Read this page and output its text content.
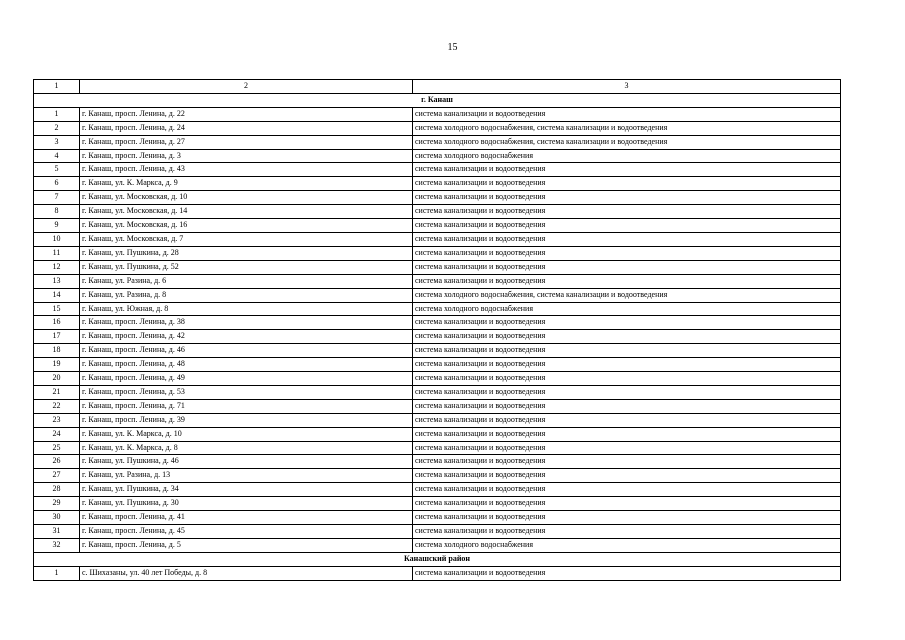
15
1	2	3
г. Канаш		
1	г. Канаш, просп. Ленина, д. 22	система канализации и водоотведения
2	г. Канаш, просп. Ленина, д. 24	система холодного водоснабжения, система канализации и водоотведения
3	г. Канаш, просп. Ленина, д. 27	система холодного водоснабжения, система канализации и водоотведения
4	г. Канаш, просп. Ленина, д. 3	система холодного водоснабжения
5	г. Канаш, просп. Ленина, д. 43	система канализации и водоотведения
6	г. Канаш, ул. К. Маркса, д. 9	система канализации и водоотведения
7	г. Канаш, ул. Московская, д. 10	система канализации и водоотведения
8	г. Канаш, ул. Московская, д. 14	система канализации и водоотведения
9	г. Канаш, ул. Московская, д. 16	система канализации и водоотведения
10	г. Канаш, ул. Московская, д. 7	система канализации и водоотведения
11	г. Канаш, ул. Пушкина, д. 28	система канализации и водоотведения
12	г. Канаш, ул. Пушкина, д. 52	система канализации и водоотведения
13	г. Канаш, ул. Разина, д. 6	система канализации и водоотведения
14	г. Канаш, ул. Разина, д. 8	система холодного водоснабжения, система канализации и водоотведения
15	г. Канаш, ул. Южная, д. 8	система холодного водоснабжения
16	г. Канаш, просп. Ленина, д. 38	система канализации и водоотведения
17	г. Канаш, просп. Ленина, д. 42	система канализации и водоотведения
18	г. Канаш, просп. Ленина, д. 46	система канализации и водоотведения
19	г. Канаш, просп. Ленина, д. 48	система канализации и водоотведения
20	г. Канаш, просп. Ленина, д. 49	система канализации и водоотведения
21	г. Канаш, просп. Ленина, д. 53	система канализации и водоотведения
22	г. Канаш, просп. Ленина, д. 71	система канализации и водоотведения
23	г. Канаш, просп. Ленина, д. 39	система канализации и водоотведения
24	г. Канаш, ул. К. Маркса, д. 10	система канализации и водоотведения
25	г. Канаш, ул. К. Маркса, д. 8	система канализации и водоотведения
26	г. Канаш, ул. Пушкина, д. 46	система канализации и водоотведения
27	г. Канаш, ул. Разина, д. 13	система канализации и водоотведения
28	г. Канаш, ул. Пушкина, д. 34	система канализации и водоотведения
29	г. Канаш, ул. Пушкина, д. 30	система канализации и водоотведения
30	г. Канаш, просп. Ленина, д. 41	система канализации и водоотведения
31	г. Канаш, просп. Ленина, д. 45	система канализации и водоотведения
32	г. Канаш, просп. Ленина, д. 5	система холодного водоснабжения
Канашский район		
1	с. Шихазаны, ул. 40 лет Победы, д. 8	система канализации и водоотведения
